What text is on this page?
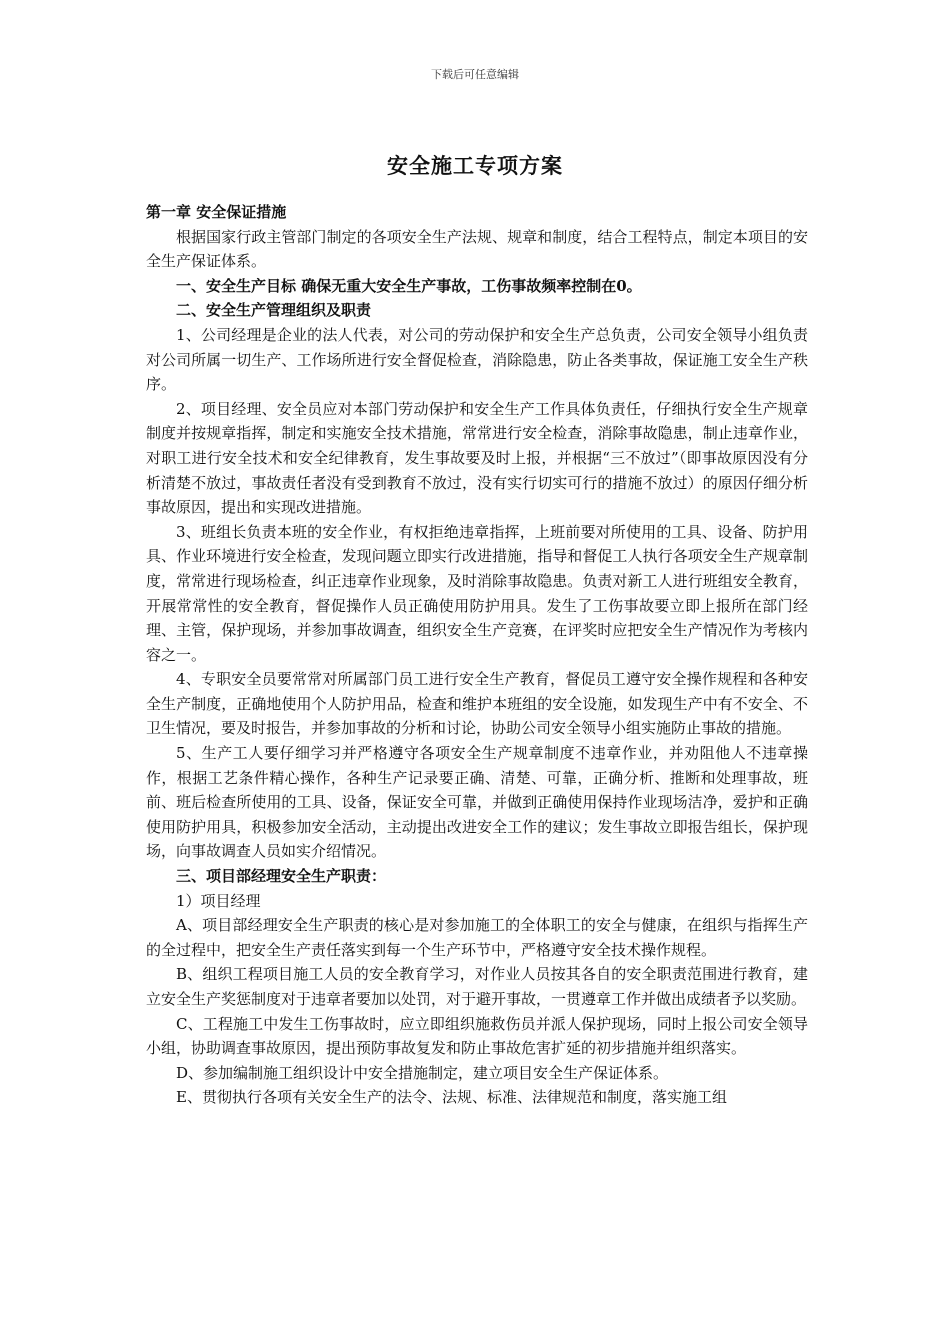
下载后可任意编辑
安全施工专项方案

第一章 安全保证措施

根据国家行政主管部门制定的各项安全生产法规、规章和制度，结合工程特点，制定本项目的安全生产保证体系。

一、安全生产目标 确保无重大安全生产事故，工伤事故频率控制在0。

二、安全生产管理组织及职责

1、公司经理是企业的法人代表，对公司的劳动保护和安全生产总负责，公司安全领导小组负责对公司所属一切生产、工作场所进行安全督促检查，消除隐患，防止各类事故，保证施工安全生产秩序。

2、项目经理、安全员应对本部门劳动保护和安全生产工作具体负责任，仔细执行安全生产规章制度并按规章指挥，制定和实施安全技术措施，常常进行安全检查，消除事故隐患，制止违章作业，对职工进行安全技术和安全纪律教育，发生事故要及时上报，并根据“三不放过”（即事故原因没有分析清楚不放过，事故责任者没有受到教育不放过，没有实行切实可行的措施不放过）的原因仔细分析事故原因，提出和实现改进措施。

3、班组长负责本班的安全作业，有权拒绝违章指挥，上班前要对所使用的工具、设备、防护用具、作业环境进行安全检查，发现问题立即实行改进措施，指导和督促工人执行各项安全生产规章制度，常常进行现场检查，纠正违章作业现象，及时消除事故隐患。负责对新工人进行班组安全教育，开展常常性的安全教育，督促操作人员正确使用防护用具。发生了工伤事故要立即上报所在部门经理、主管，保护现场，并参加事故调查，组织安全生产竞赛，在评奖时应把安全生产情况作为考核内容之一。

4、专职安全员要常常对所属部门员工进行安全生产教育，督促员工遵守安全操作规程和各种安全生产制度，正确地使用个人防护用品，检查和维护本班组的安全设施，如发现生产中有不安全、不卫生情况，要及时报告，并参加事故的分析和讨论，协助公司安全领导小组实施防止事故的措施。

5、生产工人要仔细学习并严格遵守各项安全生产规章制度不违章作业，并劝阻他人不违章操作，根据工艺条件精心操作，各种生产记录要正确、清楚、可靠，正确分析、推断和处理事故，班前、班后检查所使用的工具、设备，保证安全可靠，并做到正确使用保持作业现场洁净，爱护和正确使用防护用具，积极参加安全活动，主动提出改进安全工作的建议；发生事故立即报告组长，保护现场，向事故调查人员如实介绍情况。

三、项目部经理安全生产职责：

1）项目经理

A、项目部经理安全生产职责的核心是对参加施工的全体职工的安全与健康，在组织与指挥生产的全过程中，把安全生产责任落实到每一个生产环节中，严格遵守安全技术操作规程。

B、组织工程项目施工人员的安全教育学习，对作业人员按其各自的安全职责范围进行教育，建立安全生产奖惩制度对于违章者要加以处罚，对于避开事故，一贯遵章工作并做出成绩者予以奖励。

C、工程施工中发生工伤事故时，应立即组织施救伤员并派人保护现场，同时上报公司安全领导小组，协助调查事故原因，提出预防事故复发和防止事故危害扩延的初步措施并组织落实。

D、参加编制施工组织设计中安全措施制定，建立项目安全生产保证体系。

E、贯彻执行各项有关安全生产的法令、法规、标准、法律规范和制度，落实施工组
